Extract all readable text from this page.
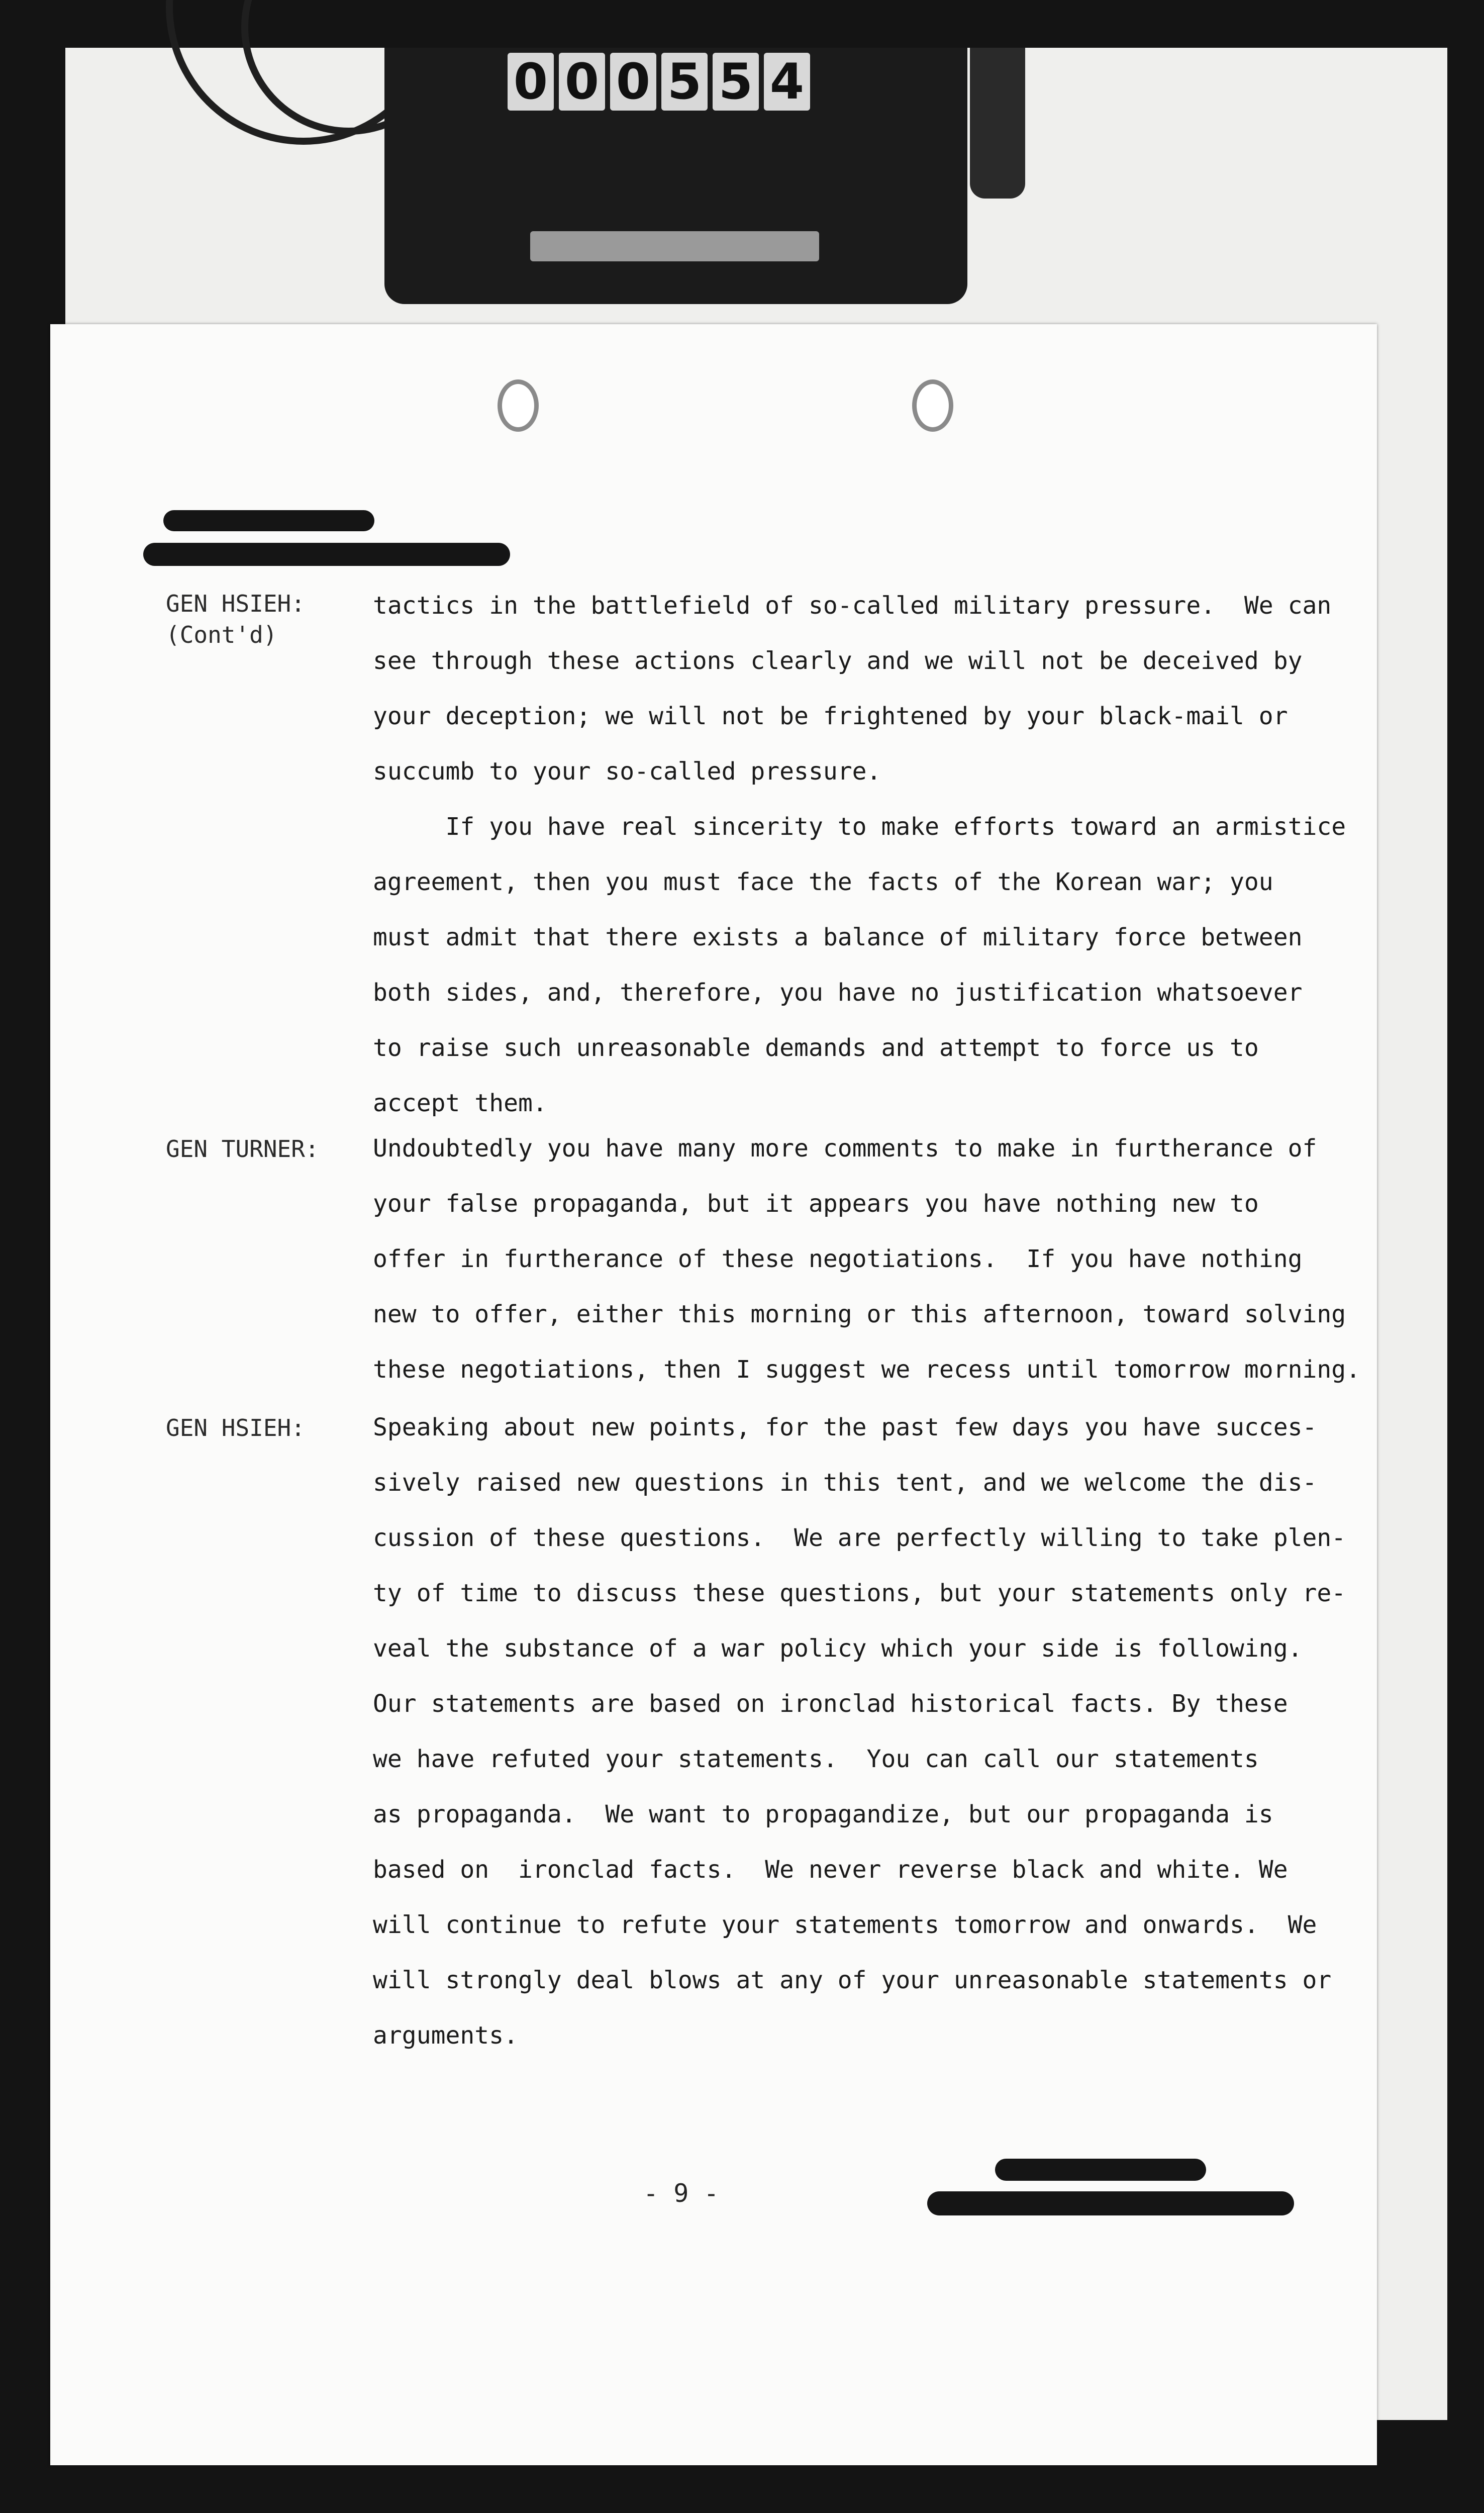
0 0 0 5 5 4
GEN HSIEH:
(Cont'd)
tactics in the battlefield of so-called military pressure.  We can
see through these actions clearly and we will not be deceived by
your deception; we will not be frightened by your black-mail or
succumb to your so-called pressure.
If you have real sincerity to make efforts toward an armistice
agreement, then you must face the facts of the Korean war; you
must admit that there exists a balance of military force between
both sides, and, therefore, you have no justification whatsoever
to raise such unreasonable demands and attempt to force us to
accept them.
GEN TURNER: Undoubtedly you have many more comments to make in furtherance of
your false propaganda, but it appears you have nothing new to
offer in furtherance of these negotiations.  If you have nothing
new to offer, either this morning or this afternoon, toward solving
these negotiations, then I suggest we recess until tomorrow morning.
GEN HSIEH:	Speaking about new points, for the past few days you have succes-
sively raised new questions in this tent, and we welcome the dis-
cussion of these questions.  We are perfectly willing to take plen-
ty of time to discuss these questions, but your statements only re-
veal the substance of a war policy which your side is following.
Our statements are based on ironclad historical facts. By these
we have refuted your statements.  You can call our statements
as propaganda.  We want to propagandize, but our propaganda is
based on  ironclad facts.  We never reverse black and white. We
will continue to refute your statements tomorrow and onwards.  We
will strongly deal blows at any of your unreasonable statements or
arguments.
- 9 -
